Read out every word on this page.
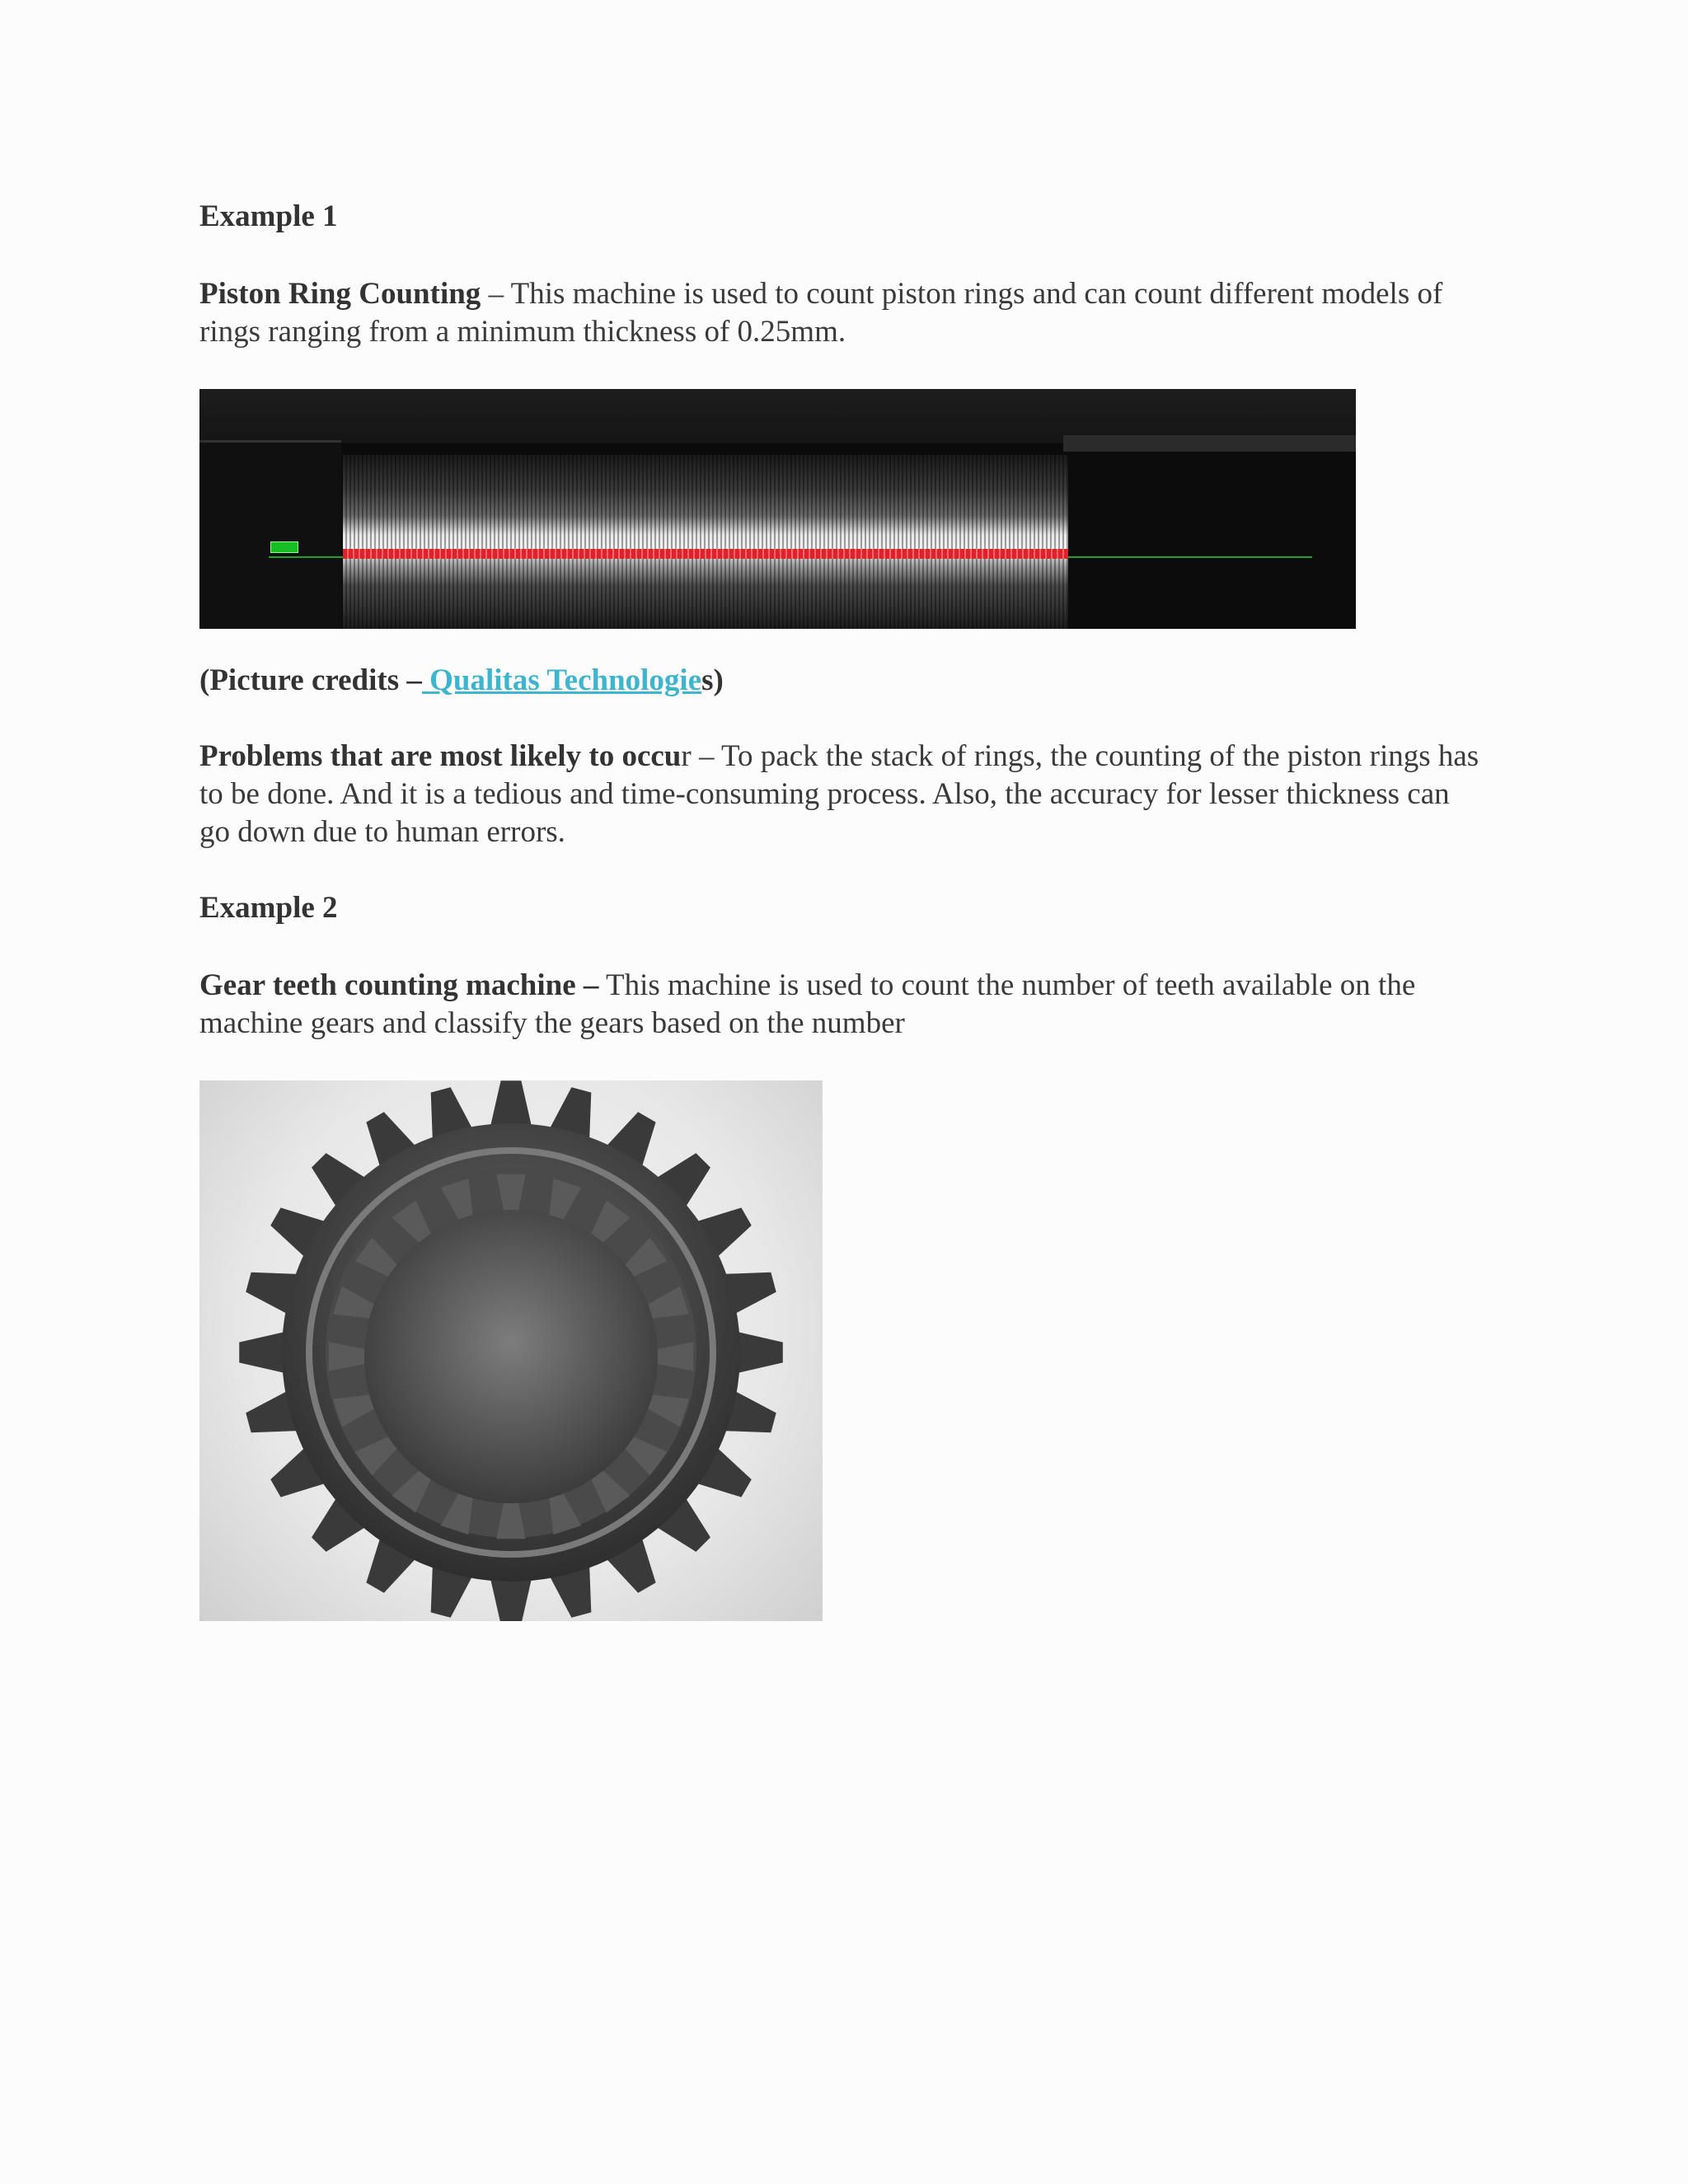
Example 1

Piston Ring Counting – This machine is used to count piston rings and can count different models of rings ranging from a minimum thickness of 0.25mm.

(Picture credits – Qualitas Technologies)

Problems that are most likely to occur – To pack the stack of rings, the counting of the piston rings has to be done. And it is a tedious and time-consuming process. Also, the accuracy for lesser thickness can go down due to human errors.

Example 2

Gear teeth counting machine – This machine is used to count the number of teeth available on the machine gears and classify the gears based on the number
